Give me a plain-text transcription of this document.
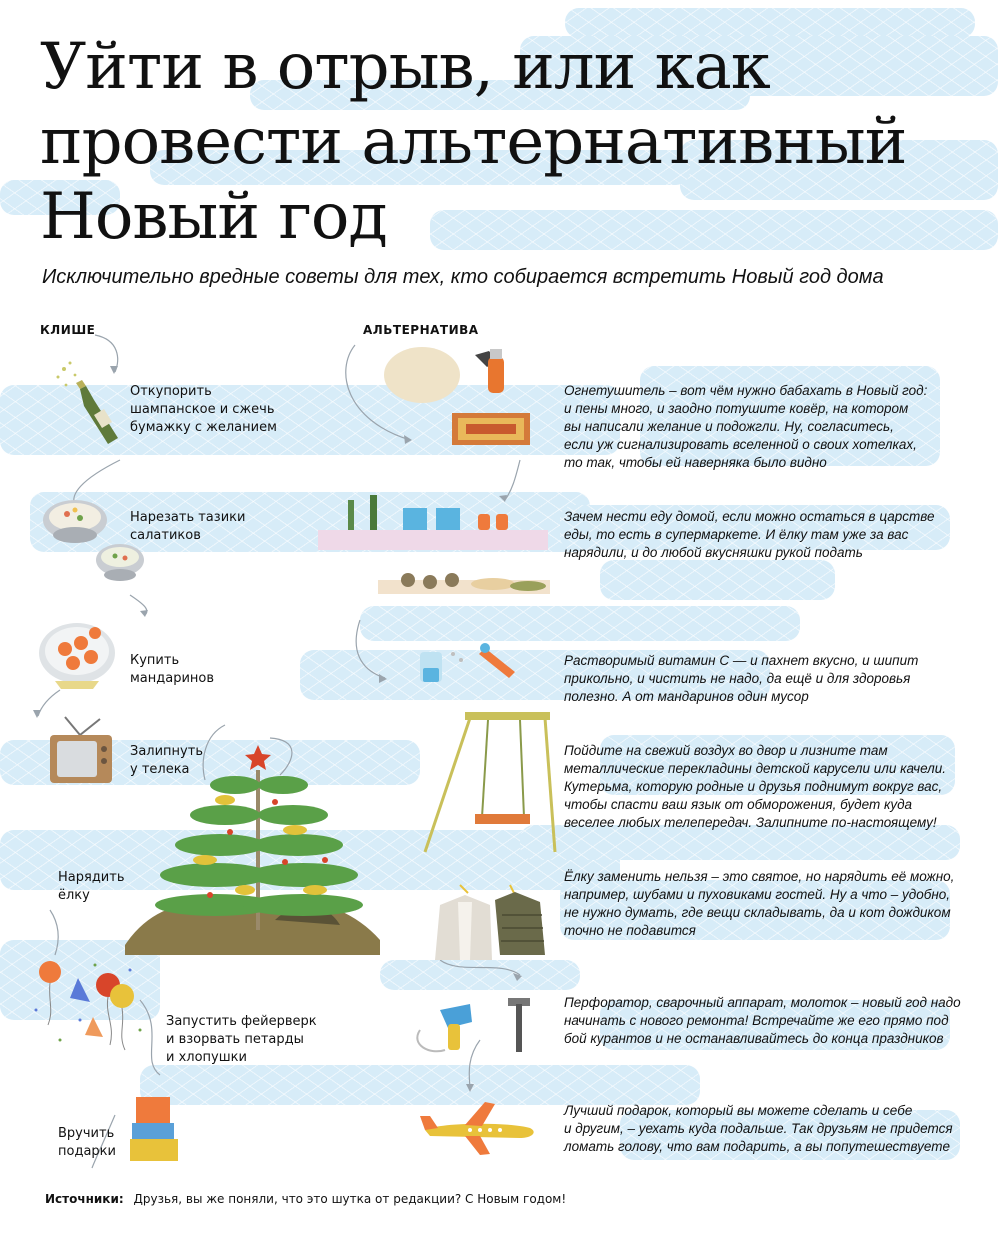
Уйти в отрыв, или как
провести альтернативный
Новый год
Исключительно вредные советы для тех, кто собирается встретить Новый год дома
КЛИШЕ	АЛЬТЕРНАТИВА
Откупорить
шампанское и сжечь
бумажку с желанием
Нарезать тазики
салатиков
Купить
мандаринов
Залипнуть
у телека
Нарядить
ёлку
Запустить фейерверк
и взорвать петарды
и хлопушки
Вручить
подарки
Огнетушитель – вот чём нужно бабахать в Новый год:
и пены много, и заодно потушите ковёр, на котором
вы написали желание и подожгли. Ну, согласитесь,
если уж сигнализировать вселенной о своих хотелках,
то так, чтобы ей наверняка было видно
Зачем нести еду домой, если можно остаться в царстве
еды, то есть в супермаркете. И ёлку там уже за вас
нарядили, и до любой вкусняшки рукой подать
Растворимый витамин С — и пахнет вкусно, и шипит
прикольно, и чистить не надо, да ещё и для здоровья
полезно. А от мандаринов один мусор
Пойдите на свежий воздух во двор и лизните там
металлические перекладины детской карусели или качели.
Кутерьма, которую родные и друзья поднимут вокруг вас,
чтобы спасти ваш язык от обморожения, будет куда
веселее любых телепередач. Залипните по-настоящему!
Ёлку заменить нельзя – это святое, но нарядить её можно,
например, шубами и пуховиками гостей. Ну а что – удобно,
не нужно думать, где вещи складывать, да и кот дождиком
точно не подавится
Перфоратор, сварочный аппарат, молоток – новый год надо
начинать с нового ремонта! Встречайте же его прямо под
бой курантов и не останавливайтесь до конца праздников
Лучший подарок, который вы можете сделать и себе
и другим, – уехать куда подальше. Так друзьям не придется
ломать голову, что вам подарить, а вы попутешествуете
Источники: Друзья, вы же поняли, что это шутка от редакции? С Новым годом!
